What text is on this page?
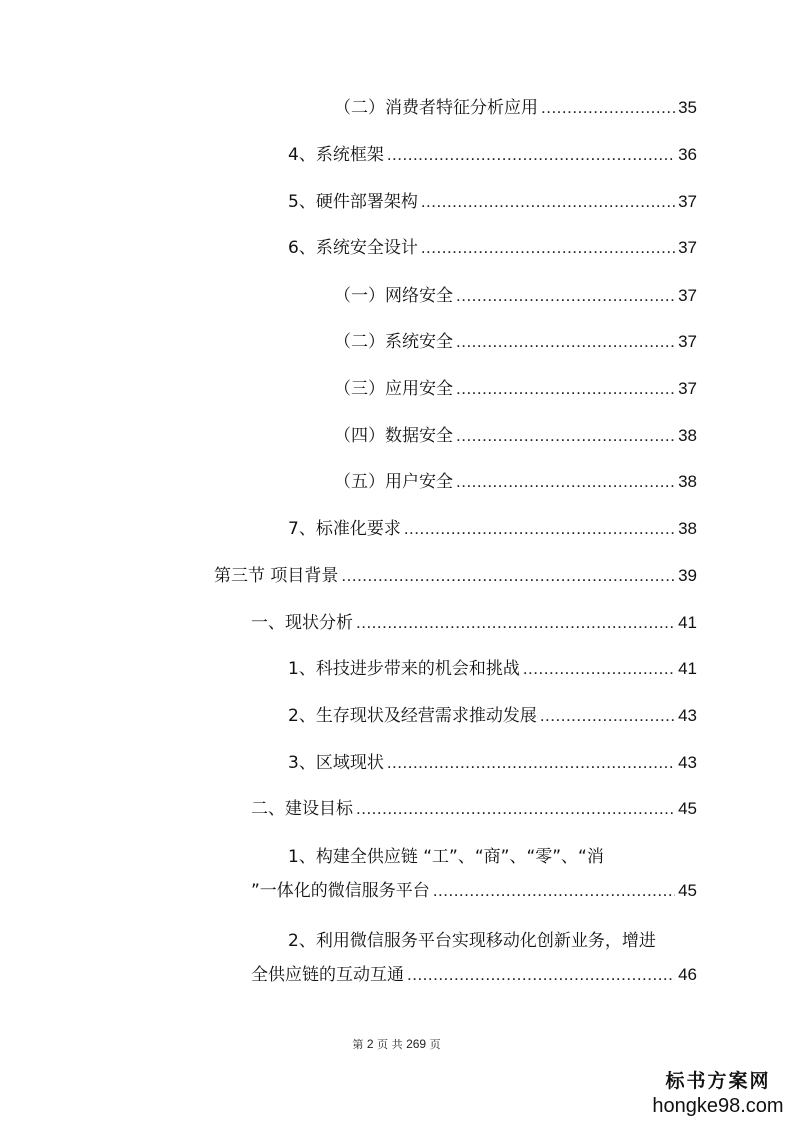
（二）消费者特征分析应用 .....	35
4、系统框架 .....	36
5、硬件部署架构 .....	37
6、系统安全设计 .....	37
（一）网络安全 .....	37
（二）系统安全 .....	37
（三）应用安全 .....	37
（四）数据安全 .....	38
（五）用户安全 .....	38
7、标准化要求 .....	38
第三节 项目背景 .....	39
一、现状分析 .....	41
1、科技进步带来的机会和挑战 .....	41
2、生存现状及经营需求推动发展 .....	43
3、区域现状 .....	43
二、建设目标 .....	45
1、构建全供应链 “工”、“商”、“零”、“消
”一体化的微信服务平台 .....	45
2、利用微信服务平台实现移动化创新业务，增进
全供应链的互动互通 .....	46
第 2 页 共 269 页
标书方案网
hongke98.com
